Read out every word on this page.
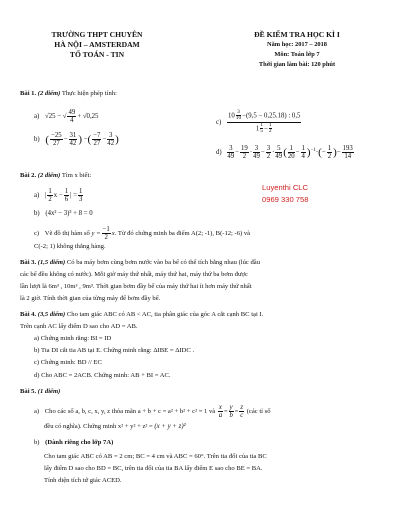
TRƯỜNG THPT CHUYÊN
HÀ NỘI – AMSTERDAM
TỔ TOÁN - TIN
ĐỀ KIỂM TRA HỌC KÌ I
Năm học: 2017 – 2018
Môn: Toán lớp 7
Thời gian làm bài: 120 phút
Bài 1. (2 điểm) Thực hiện phép tính:
a) √25 − √ $\frac{49}{4} + √0,25$
b) ( $\frac{-25}{27} - \frac{31}{42}$ ) −( $\frac{-7}{27} - \frac{3}{42}$ )
$c) \frac{10 \frac{3}{10} -(9,5 - 0,25.18) : 0,5}{1 \frac{1}{5} - \frac{1}{2}}$
$d) \frac{3}{49} - \frac{19}{2} \cdot \frac{3}{49} - \frac{3}{2} \cdot \frac{5}{49}$ ( $\frac{1}{20} - \frac{1}{4} )^{-1}\cdot(- \frac{1}{2}$ )− $\frac{193}{14}$
Bài 2. (2 điểm) Tìm x biết:
a) | $\frac{1}{2}$ $x - \frac{1}{6}$ | = $\frac{1}{3}$
b) (4x² − 3)³ + 8 = 0
c) Vẽ đồ thị hàm số $y = \frac{-1}{2} x$. Từ đó chứng minh ba điểm A(2; -1), B(-12; -6) và
C(-2; 1) không thẳng hàng.
Luyenthi CLC
0969 330 758
Bài 3. (1,5 điểm) Có ba máy bơm cùng bơm nước vào ba bể có thể tích bằng nhau (lúc đầu
các bể đều không có nước). Mỗi giờ máy thứ nhất, máy thứ hai, máy thứ ba bơm được
lần lượt là 6m³ , 10m³ , 9m³. Thời gian bơm đầy bể của máy thứ hai ít hơn máy thứ nhất
là 2 giờ. Tính thời gian của từng máy để bơm đầy bể.
Bài 4. (3,5 điểm) Cho tam giác ABC có AB < AC, tia phân giác của góc A cắt cạnh BC tại I.
Trên cạnh AC lấy điểm D sao cho AD = AB.
a) Chứng minh rằng: BI = ID
b) Tia DI cắt tia AB tại E. Chứng minh rằng: ΔIBE = ΔIDC .
c) Chứng minh: BD // EC
d) Cho ABC = 2ACB. Chứng minh: AB + BI = AC.
Bài 5. (1 điểm)
a) Cho các số a, b, c, x, y, z thỏa mãn a + b + c = a² + b² + c² = 1 và $\frac{x}{a} = \frac{y}{b} = \frac{z}{c}$ (các tỉ số
đều có nghĩa). Chứng minh x² + y² + z² = (x + y + z)²
b) (Dành riêng cho lớp 7A)
Cho tam giác ABC có AB = 2 cm; BC = 4 cm và ABC = 60°. Trên tia đối của tia BC
lấy điểm D sao cho BD = BC, trên tia đối của tia BA lấy điểm E sao cho BE = BA.
Tính diện tích tứ giác ACED.
